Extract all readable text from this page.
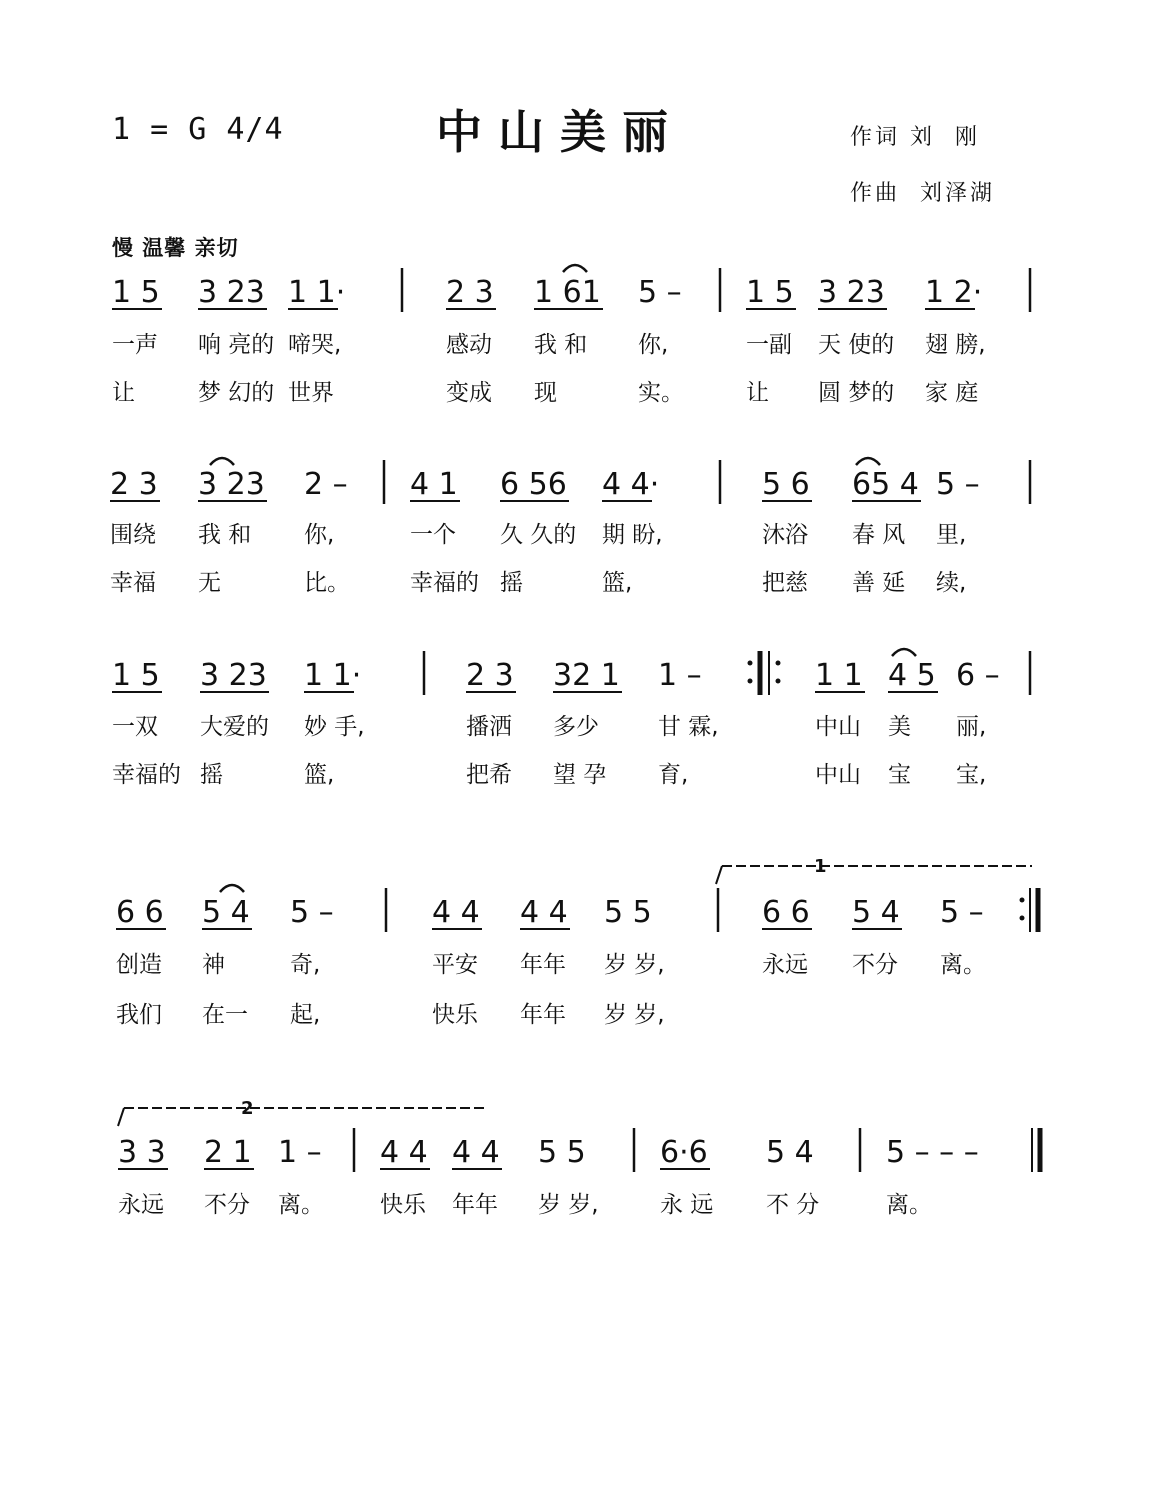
1 = G 4/4	中山美丽	作词 刘  刚
作曲  刘泽湖
慢 温馨 亲切
1 5 3 23 1 1·	2 3 1 61 5 – 1 5 3 23 1 2·
一声 响 亮的 啼哭,	感动 我 和 你,	一副 天 使的 翅 膀,
让	梦 幻的 世界	变成 现	实。	让 圆 梦的 家 庭
2 3 3 23 2 – 4 1 6 56 4 4·	5 6 65 4 5 –
围绕 我 和 你,	一个 久 久的 期 盼,	沐浴 春 风 里,
幸福 无	比。	幸福的 摇	篮,	把慈 善 延 续,
1 5 3 23 1 1·	2 3 32 1 1 –	1 1 4 5 6 –
一双 大爱的 妙 手,	播洒 多少	甘 霖,	中山 美 丽,
幸福的 摇	篮,	把希 望 孕 育,	中山 宝 宝,
6 6 5 4 5 –	4 4 4 4 5 5	6 6 5 4 5 –
创造 神	奇,	平安 年年 岁 岁,	永远 不分 离。
我们 在一 起,	快乐 年年 岁 岁,
3 3 2 1 1 – 4 4 4 4 5 5 6·6 5 4 5 – – –
永远 不分 离。 快乐 年年 岁 岁,	永 远 不 分	离。
1
2
